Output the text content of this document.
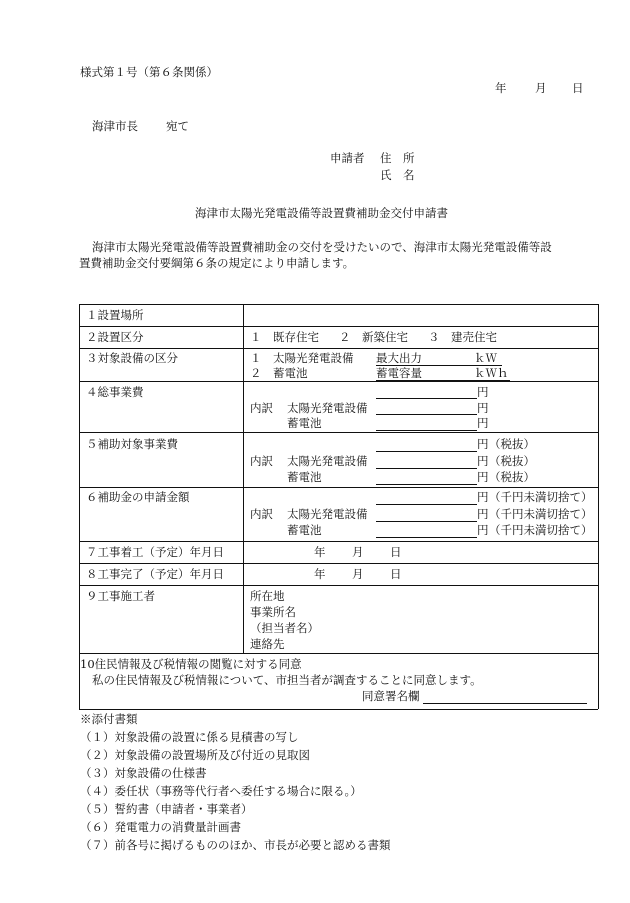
様式第１号（第６条関係）
年 月 日
海津市長 宛て
申請者 住　所
氏　名
海津市太陽光発電設備等設置費補助金交付申請書
海津市太陽光発電設備等設置費補助金の交付を受けたいので、海津市太陽光発電設備等設
置費補助金交付要綱第６条の規定により申請します。
１設置場所
２設置区分	１　既存住宅 ２　新築住宅 ３　建売住宅
３対象設備の区分	１　太陽光発電設備 最大出力	ｋＷ
２　蓄電池	蓄電容量	ｋＷｈ
４総事業費	円
内訳 太陽光発電設備	円
蓄電池	円
５補助対象事業費	円 （税抜）
内訳 太陽光発電設備	円 （税抜）
蓄電池	円 （税抜）
６補助金の申請金額	円 （千円未満切捨て）
内訳 太陽光発電設備	円 （千円未満切捨て）
蓄電池	円 （千円未満切捨て）
７工事着工（予定）年月日	年 月 日
８工事完了（予定）年月日	年 月 日
９工事施工者	所在地
事業所名
（担当者名）
連絡先
10住民情報及び税情報の閲覧に対する同意
私の住民情報及び税情報について、市担当者が調査することに同意します。
同意署名欄
※添付書類
（１）対象設備の設置に係る見積書の写し
（２）対象設備の設置場所及び付近の見取図
（３）対象設備の仕様書
（４）委任状（事務等代行者へ委任する場合に限る。）
（５）誓約書（申請者・事業者）
（６）発電電力の消費量計画書
（７）前各号に掲げるもののほか、市長が必要と認める書類
